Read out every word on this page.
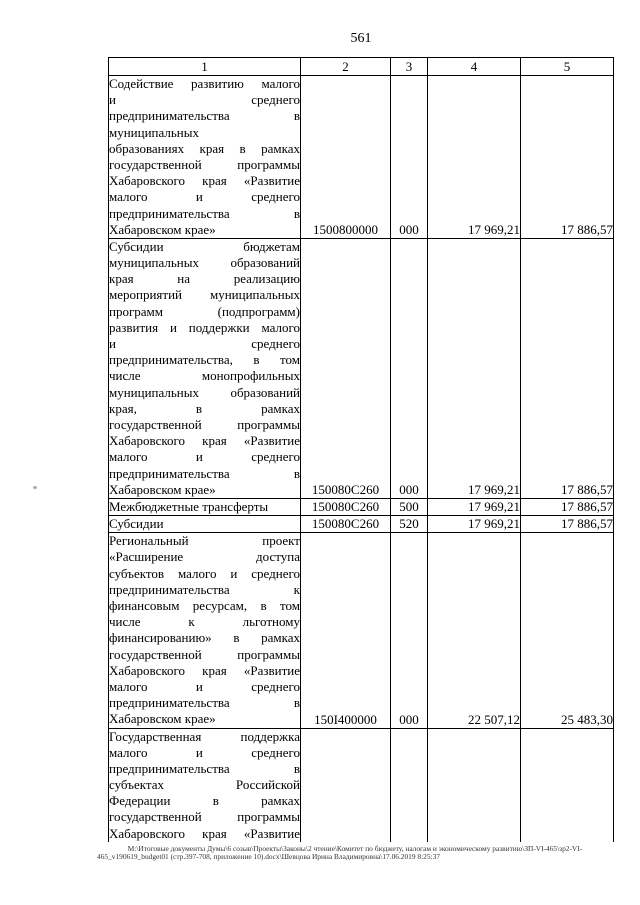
561
1	2	3	4	5

Содействие развитию малого
и	среднего
предпринимательства	в
муниципальных
образованиях края в рамках
государственной	программы
Хабаровского края «Развитие
малого	и	среднего
предпринимательства	в
Хабаровском крае»	1500800000	000	17 969,21	17 886,57

Субсидии	бюджетам
муниципальных образований
края	на	реализацию
мероприятий муниципальных
программ	(подпрограмм)
развития и поддержки малого
и	среднего
предпринимательства, в том
числе	монопрофильных
муниципальных образований
края,	в	рамках
государственной	программы
Хабаровского края «Развитие
малого	и	среднего
предпринимательства	в
Хабаровском крае»	150080C260	000	17 969,21	17 886,57

Межбюджетные трансферты	150080C260	500	17 969,21	17 886,57

Субсидии	150080C260	520	17 969,21	17 886,57

Региональный	проект
«Расширение	доступа
субъектов малого и среднего
предпринимательства	к
финансовым ресурсам, в том
числе	к	льготному
финансированию» в рамках
государственной	программы
Хабаровского края «Развитие
малого	и	среднего
предпринимательства	в
Хабаровском крае»	150I400000	000	22 507,12	25 483,30

Государственная	поддержка
малого	и	среднего
предпринимательства	в
субъектах	Российской
Федерации	в	рамках
государственной	программы
Хабаровского края «Развитие

М:\Итоговые документы Думы\6 созыв\Проекты\Законы\2 чтение\Комитет по бюджету, налогам и экономическому развитию\ЗП-VI-465\зр2-VI-
465_v190619_budget01 (стр.397-708, приложение 10).docx\Шевцова Ирина Владимировна\17.06.2019 8:25:37
